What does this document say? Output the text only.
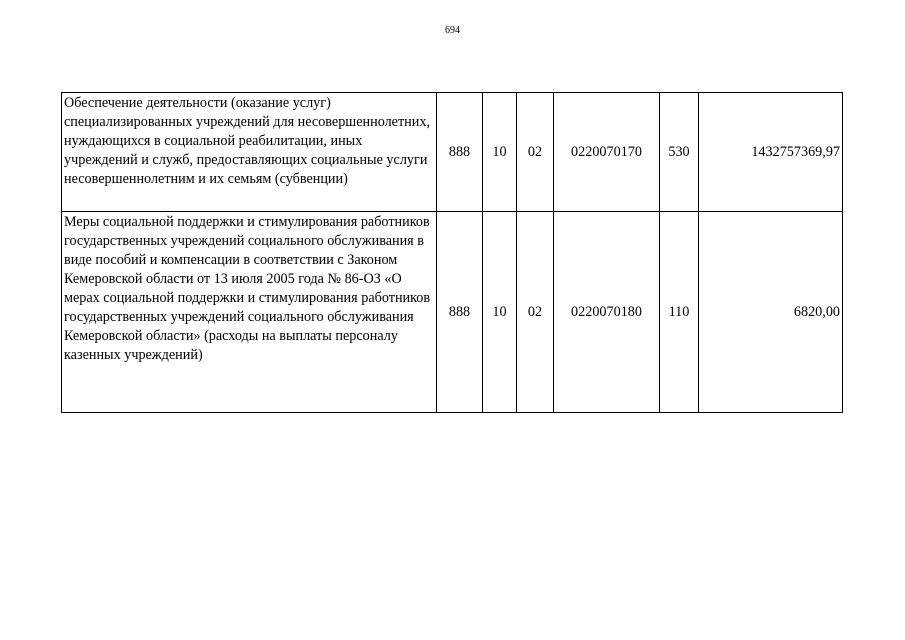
694
Обеспечение деятельности (оказание услуг) специализированных учреждений для несовершеннолетних, нуждающихся в социальной реабилитации, иных учреждений и служб, предоставляющих социальные услуги несовершеннолетним и их семьям (субвенции)	888	10	02	0220070170	530	1432757369,97
Меры социальной поддержки и стимулирования работников государственных учреждений социального обслуживания в виде пособий и компенсации в соответствии с Законом Кемеровской области от 13 июля 2005 года № 86-ОЗ «О мерах социальной поддержки и стимулирования работников государственных учреждений социального обслуживания Кемеровской области» (расходы на выплаты персоналу казенных учреждений)	888	10	02	0220070180	110	6820,00
